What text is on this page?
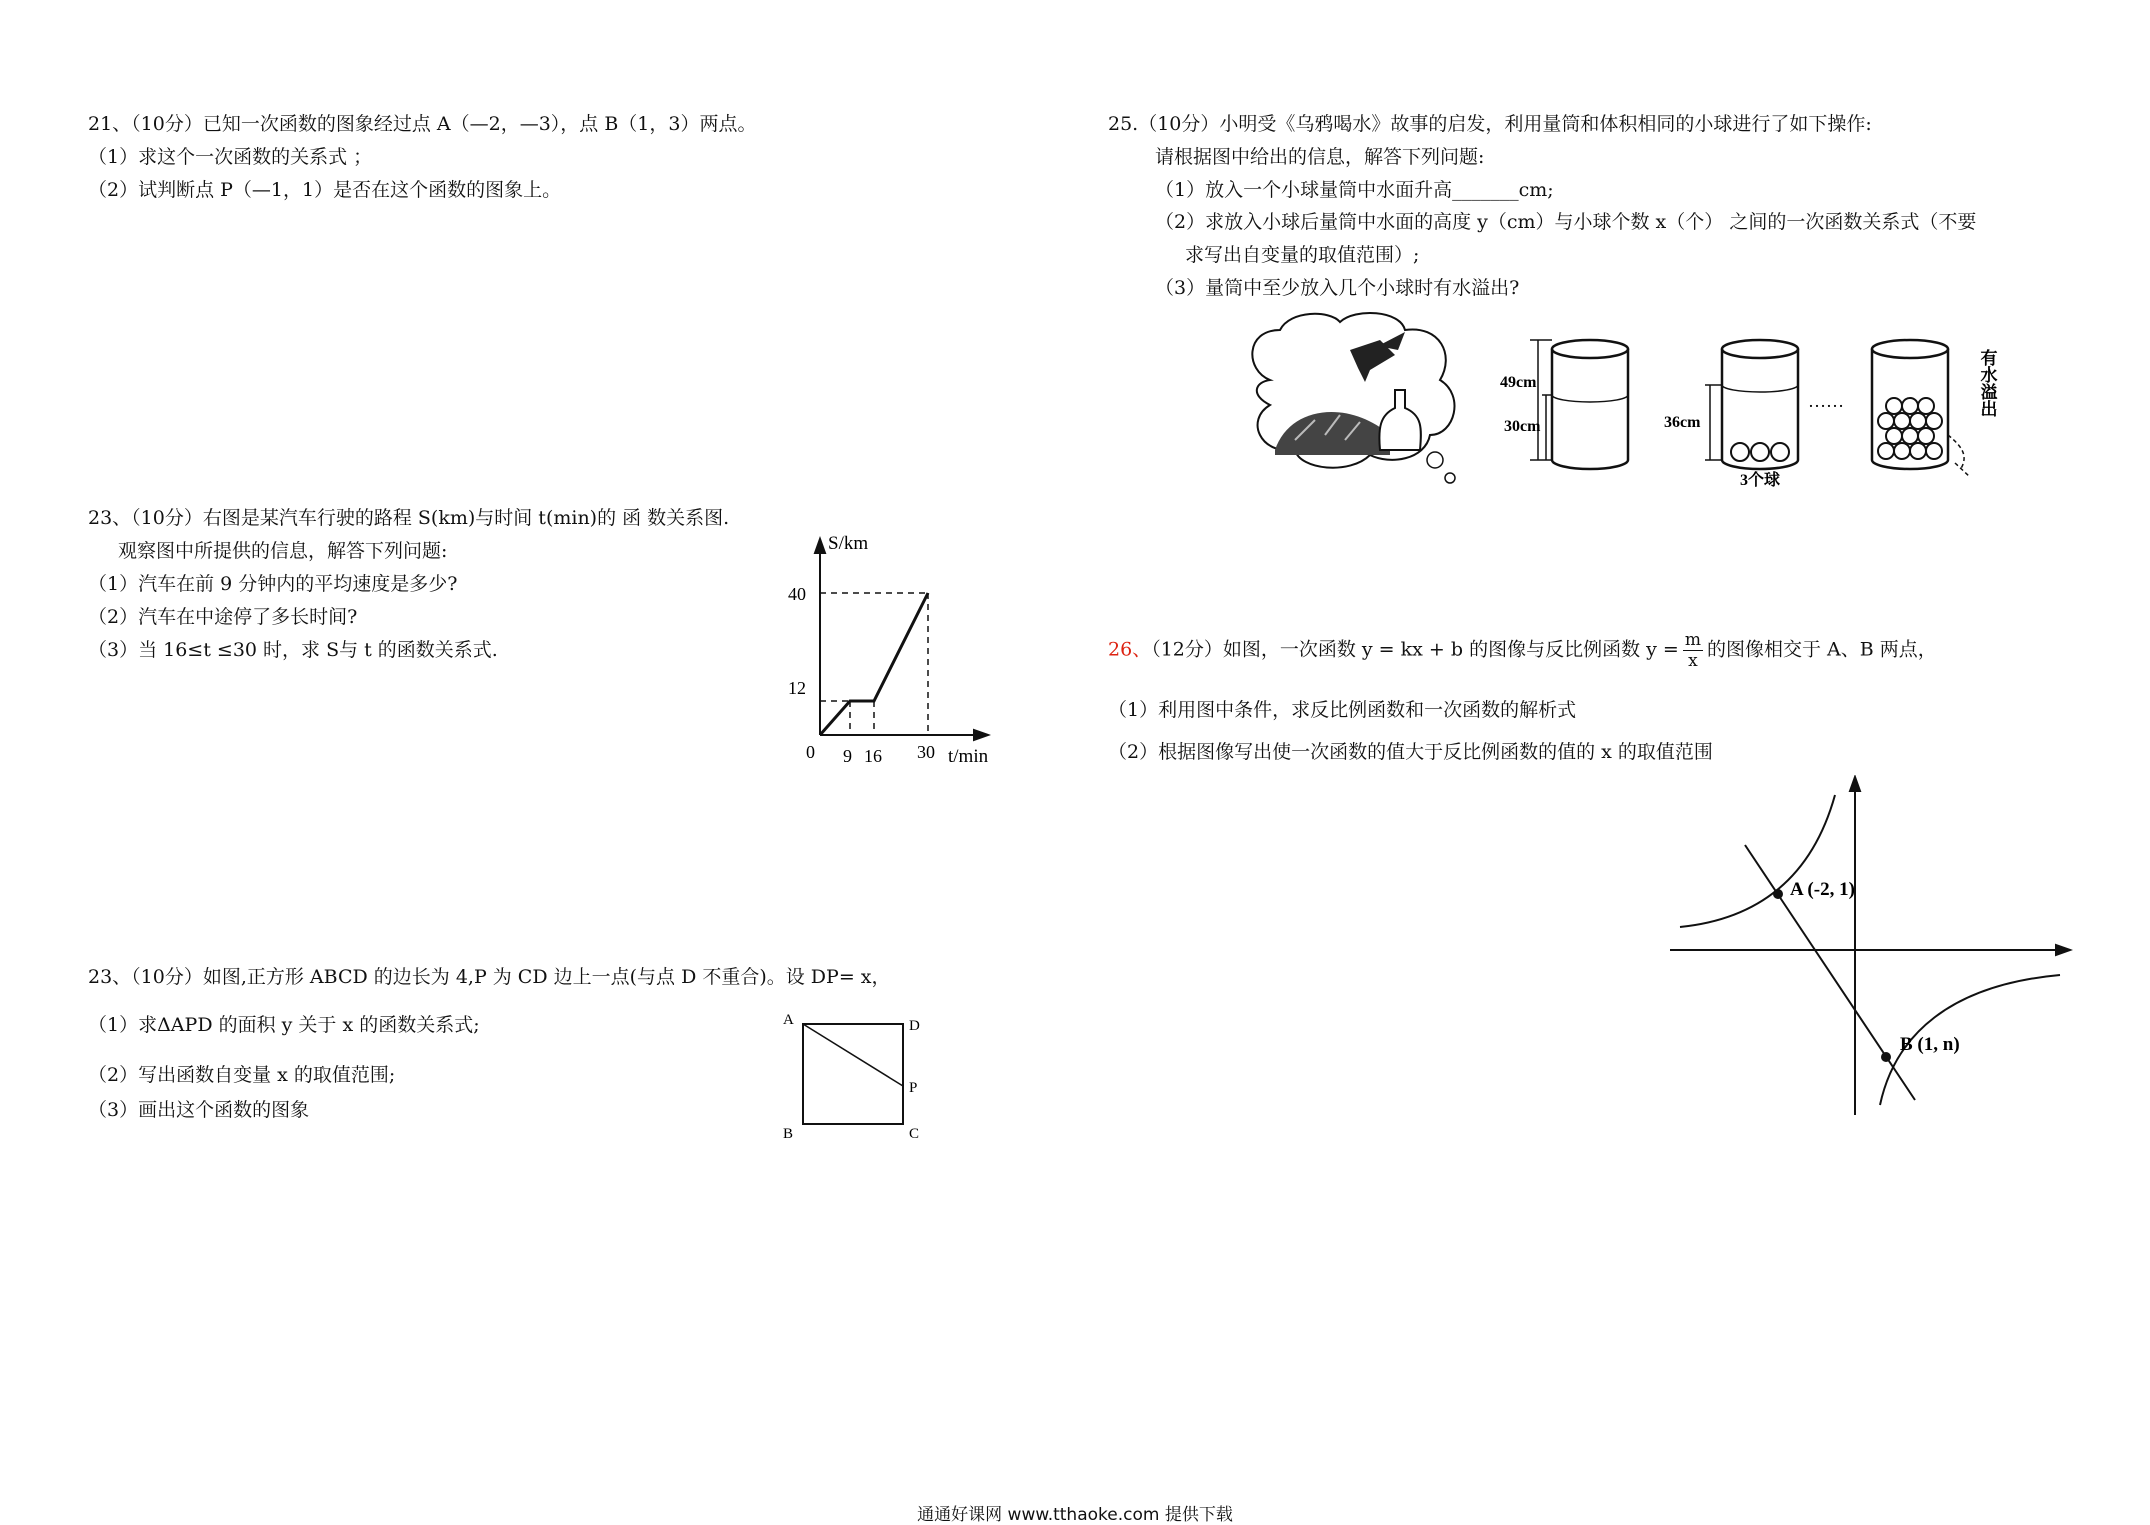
21、（10分）已知一次函数的图象经过点 A（—2，—3），点 B（1，3）两点。
（1）求这个一次函数的关系式 ；
（2）试判断点 P（—1，1）是否在这个函数的图象上。
23、（10分）右图是某汽车行驶的路程 S(km)与时间 t(min)的 函 数关系图.
观察图中所提供的信息，解答下列问题:
（1）汽车在前 9 分钟内的平均速度是多少?
（2）汽车在中途停了多长时间?
（3）当 16≤t ≤30 时，求 S与 t 的函数关系式.
S/km
t/min
40
12
0 9 16 30
23、（10分）如图,正方形 ABCD 的边长为 4,P 为 CD 边上一点(与点 D 不重合)。设 DP= x，
（1）求ΔAPD 的面积 y 关于 x 的函数关系式;
（2）写出函数自变量 x 的取值范围;
（3）画出这个函数的图象
A	D
P
B	C
25.（10分）小明受《乌鸦喝水》故事的启发，利用量筒和体积相同的小球进行了如下操作:
请根据图中给出的信息，解答下列问题:
（1）放入一个小球量筒中水面升高_______cm;
（2）求放入小球后量筒中水面的高度 y（cm）与小球个数 x（个） 之间的一次函数关系式（不要
求写出自变量的取值范围）;
（3）量筒中至少放入几个小球时有水溢出?
49cm
30cm	36cm
3个球
……	有水溢出
26、（12分）如图，一次函数 y = kx + b 的图像与反比例函数 $y = \frac{m}{x}$ 的图像相交于 A、B 两点，
（1）利用图中条件，求反比例函数和一次函数的解析式
（2）根据图像写出使一次函数的值大于反比例函数的值的 x 的取值范围
A (-2, 1)
B (1, n)
通通好课网 www.tthaoke.com 提供下载
